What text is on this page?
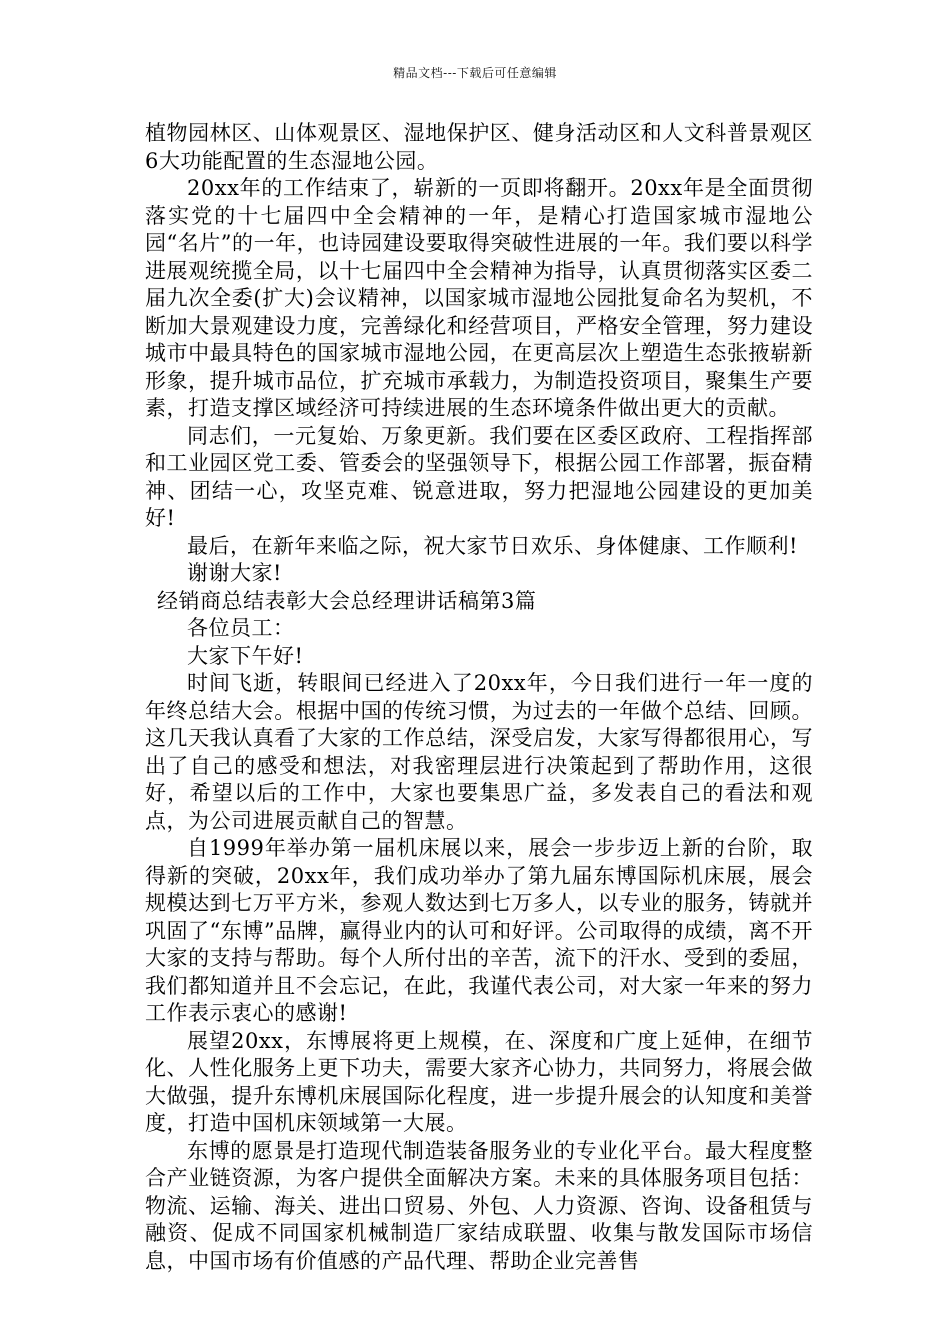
精品文档---下载后可任意编辑

植物园林区、山体观景区、湿地保护区、健身活动区和人文科普景观区6大功能配置的生态湿地公园。

20xx年的工作结束了，崭新的一页即将翻开。20xx年是全面贯彻落实党的十七届四中全会精神的一年，是精心打造国家城市湿地公园“名片”的一年，也诗园建设要取得突破性进展的一年。我们要以科学进展观统揽全局，以十七届四中全会精神为指导，认真贯彻落实区委二届九次全委(扩大)会议精神，以国家城市湿地公园批复命名为契机，不断加大景观建设力度，完善绿化和经营项目，严格安全管理，努力建设城市中最具特色的国家城市湿地公园，在更高层次上塑造生态张掖崭新形象，提升城市品位，扩充城市承载力，为制造投资项目，聚集生产要素，打造支撑区域经济可持续进展的生态环境条件做出更大的贡献。

同志们，一元复始、万象更新。我们要在区委区政府、工程指挥部和工业园区党工委、管委会的坚强领导下，根据公园工作部署，振奋精神、团结一心，攻坚克难、锐意进取，努力把湿地公园建设的更加美好!

最后，在新年来临之际，祝大家节日欢乐、身体健康、工作顺利!

谢谢大家!

经销商总结表彰大会总经理讲话稿第3篇

各位员工：

大家下午好!

时间飞逝，转眼间已经进入了20xx年，今日我们进行一年一度的年终总结大会。根据中国的传统习惯，为过去的一年做个总结、回顾。这几天我认真看了大家的工作总结，深受启发，大家写得都很用心，写出了自己的感受和想法，对我密理层进行决策起到了帮助作用，这很好，希望以后的工作中，大家也要集思广益，多发表自己的看法和观点，为公司进展贡献自己的智慧。

自1999年举办第一届机床展以来，展会一步步迈上新的台阶，取得新的突破，20xx年，我们成功举办了第九届东博国际机床展，展会规模达到七万平方米，参观人数达到七万多人，以专业的服务，铸就并巩固了“东博”品牌，赢得业内的认可和好评。公司取得的成绩，离不开大家的支持与帮助。每个人所付出的辛苦，流下的汗水、受到的委屈，我们都知道并且不会忘记，在此，我谨代表公司，对大家一年来的努力工作表示衷心的感谢!

展望20xx，东博展将更上规模，在、深度和广度上延伸，在细节化、人性化服务上更下功夫，需要大家齐心协力，共同努力，将展会做大做强，提升东博机床展国际化程度，进一步提升展会的认知度和美誉度，打造中国机床领域第一大展。

东博的愿景是打造现代制造装备服务业的专业化平台。最大程度整合产业链资源，为客户提供全面解决方案。未来的具体服务项目包括：物流、运输、海关、进出口贸易、外包、人力资源、咨询、设备租赁与融资、促成不同国家机械制造厂家结成联盟、收集与散发国际市场信息，中国市场有价值感的产品代理、帮助企业完善售
